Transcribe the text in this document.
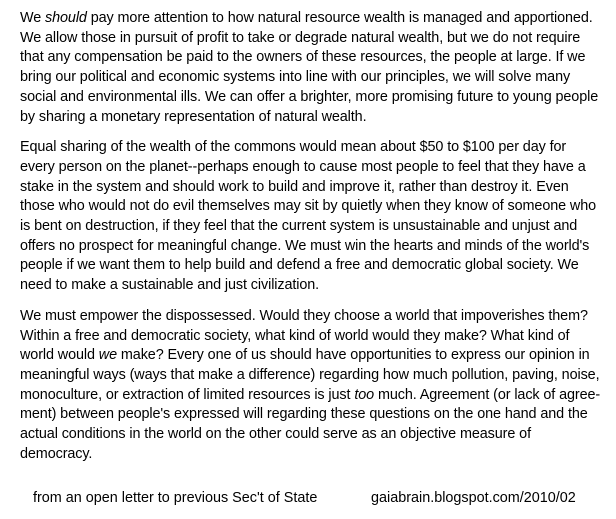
We should pay more attention to how natural resource wealth is managed and apportioned. We allow those in pursuit of profit to take or degrade natural wealth, but we do not require that any compensation be paid to the owners of these resources, the people at large. If we bring our political and economic systems into line with our principles, we will solve many social and environmental ills. We can offer a brighter, more promising future to young people by sharing a monetary representation of natural wealth.

Equal sharing of the wealth of the commons would mean about $50 to $100 per day for every person on the planet--perhaps enough to cause most people to feel that they have a stake in the system and should work to build and improve it, rather than destroy it. Even those who would not do evil themselves may sit by quietly when they know of someone who is bent on destruction, if they feel that the current system is unsustainable and unjust and offers no prospect for meaningful change. We must win the hearts and minds of the world's people if we want them to help build and defend a free and democratic global society. We need to make a sustainable and just civilization.

We must empower the dispossessed. Would they choose a world that impoverishes them? Within a free and democratic society, what kind of world would they make? What kind of world would we make? Every one of us should have opportunities to express our opinion in meaningful ways (ways that make a difference) regarding how much pollution, paving, noise, monoculture, or extraction of limited resources is just too much. Agreement (or lack of agree-ment) between people's expressed will regarding these questions on the one hand and the actual conditions in the world on the other could serve as an objective measure of democracy.

from an open letter to previous Sec't of State	gaiabrain.blogspot.com/2010/02
